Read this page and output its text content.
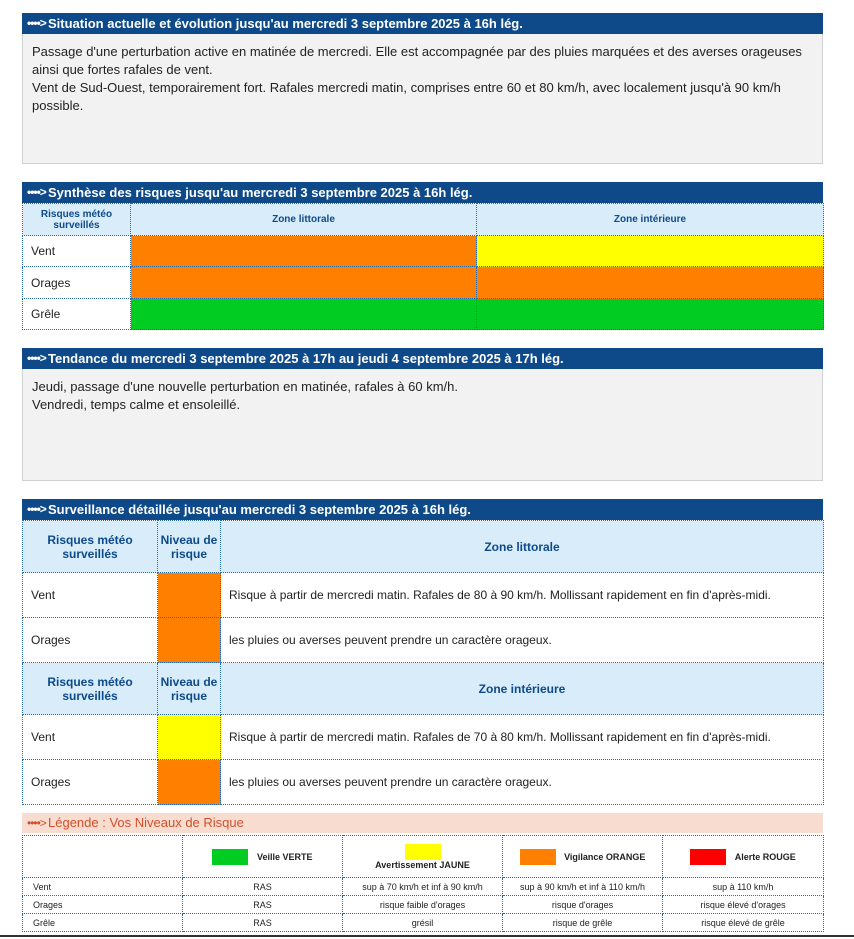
••••> Situation actuelle et évolution jusqu'au mercredi 3 septembre 2025 à 16h lég.
Passage d'une perturbation active en matinée de mercredi. Elle est accompagnée par des pluies marquées et des averses orageuses
ainsi que fortes rafales de vent.
Vent de Sud-Ouest, temporairement fort. Rafales mercredi matin, comprises entre 60 et 80 km/h, avec localement jusqu'à 90 km/h
possible.
••••> Synthèse des risques jusqu'au mercredi 3 septembre 2025 à 16h lég.
Risques météo surveillés	Zone littorale	Zone intérieure
Vent		
Orages		
Grêle		
••••> Tendance du mercredi 3 septembre 2025 à 17h au jeudi 4 septembre 2025 à 17h lég.
Jeudi, passage d'une nouvelle perturbation en matinée, rafales à 60 km/h.
Vendredi, temps calme et ensoleillé.
••••> Surveillance détaillée jusqu'au mercredi 3 septembre 2025 à 16h lég.
Risques météo surveillés	Niveau de risque	Zone littorale
Vent		Risque à partir de mercredi matin. Rafales de 80 à 90 km/h. Mollissant rapidement en fin d'après-midi.
Orages		les pluies ou averses peuvent prendre un caractère orageux.
Risques météo surveillés	Niveau de risque	Zone intérieure
Vent		Risque à partir de mercredi matin. Rafales de 70 à 80 km/h. Mollissant rapidement en fin d'après-midi.
Orages		les pluies ou averses peuvent prendre un caractère orageux.
••••> Légende : Vos Niveaux de Risque
	Veille VERTE	Avertissement JAUNE	Vigilance ORANGE	Alerte ROUGE
Vent	RAS	sup à 70 km/h et inf à 90 km/h	sup à 90 km/h et inf à 110 km/h	sup à 110 km/h
Orages	RAS	risque faible d'orages	risque d'orages	risque élevé d'orages
Grêle	RAS	grésil	risque de grêle	risque élevé de grêle
